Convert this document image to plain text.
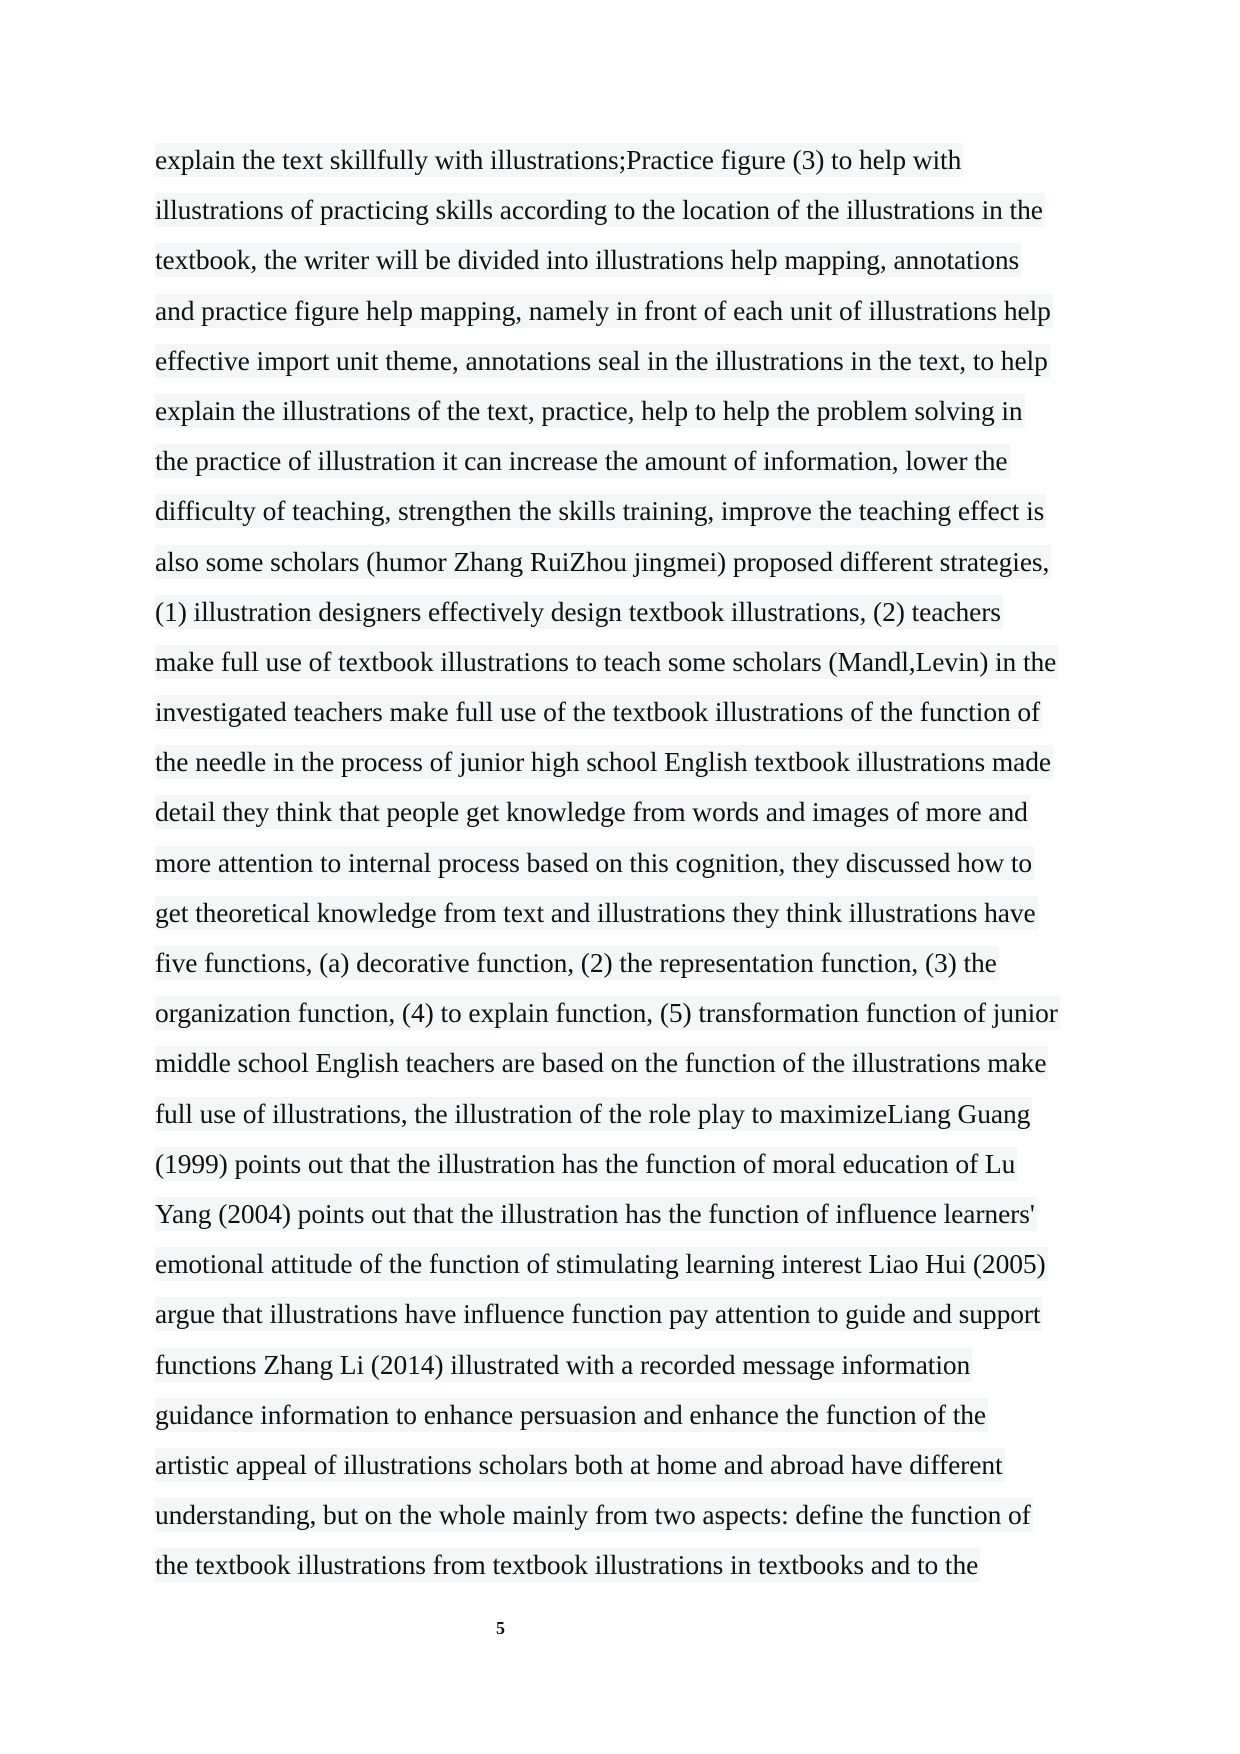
explain the text skillfully with illustrations;Practice figure (3) to help with
illustrations of practicing skills according to the location of the illustrations in the
textbook, the writer will be divided into illustrations help mapping, annotations
and practice figure help mapping, namely in front of each unit of illustrations help
effective import unit theme, annotations seal in the illustrations in the text, to help
explain the illustrations of the text, practice, help to help the problem solving in
the practice of illustration it can increase the amount of information, lower the
difficulty of teaching, strengthen the skills training, improve the teaching effect is
also some scholars (humor Zhang RuiZhou jingmei) proposed different strategies,
(1) illustration designers effectively design textbook illustrations, (2) teachers
make full use of textbook illustrations to teach some scholars (Mandl,Levin) in the
investigated teachers make full use of the textbook illustrations of the function of
the needle in the process of junior high school English textbook illustrations made
detail they think that people get knowledge from words and images of more and
more attention to internal process based on this cognition, they discussed how to
get theoretical knowledge from text and illustrations they think illustrations have
five functions, (a) decorative function, (2) the representation function, (3) the
organization function, (4) to explain function, (5) transformation function of junior
middle school English teachers are based on the function of the illustrations make
full use of illustrations, the illustration of the role play to maximizeLiang Guang
(1999) points out that the illustration has the function of moral education of Lu
Yang (2004) points out that the illustration has the function of influence learners'
emotional attitude of the function of stimulating learning interest Liao Hui (2005)
argue that illustrations have influence function pay attention to guide and support
functions Zhang Li (2014) illustrated with a recorded message information
guidance information to enhance persuasion and enhance the function of the
artistic appeal of illustrations scholars both at home and abroad have different
understanding, but on the whole mainly from two aspects: define the function of
the textbook illustrations from textbook illustrations in textbooks and to the
5
